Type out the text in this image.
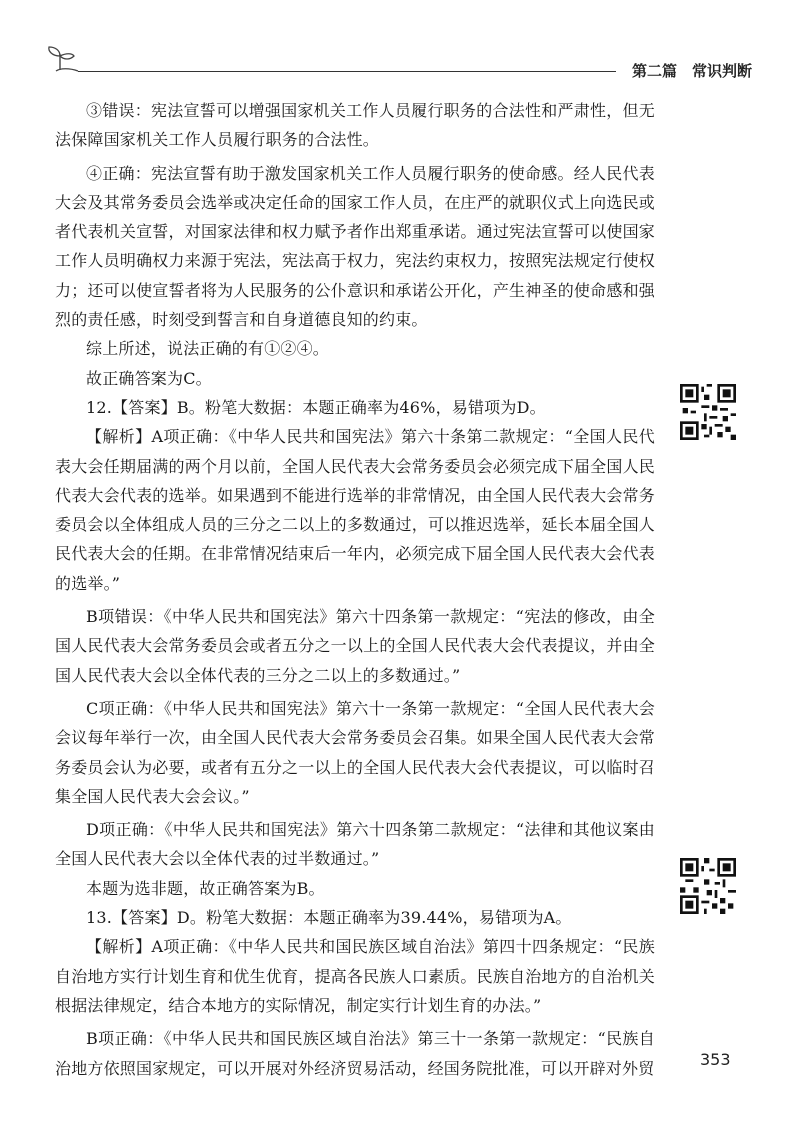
第二篇　常识判断

③错误：宪法宣誓可以增强国家机关工作人员履行职务的合法性和严肃性，但无法保障国家机关工作人员履行职务的合法性。

④正确：宪法宣誓有助于激发国家机关工作人员履行职务的使命感。经人民代表大会及其常务委员会选举或决定任命的国家工作人员，在庄严的就职仪式上向选民或者代表机关宣誓，对国家法律和权力赋予者作出郑重承诺。通过宪法宣誓可以使国家工作人员明确权力来源于宪法，宪法高于权力，宪法约束权力，按照宪法规定行使权力；还可以使宣誓者将为人民服务的公仆意识和承诺公开化，产生神圣的使命感和强烈的责任感，时刻受到誓言和自身道德良知的约束。

综上所述，说法正确的有①②④。

故正确答案为C。

12.【答案】B。粉笔大数据：本题正确率为46%，易错项为D。

【解析】A项正确：《中华人民共和国宪法》第六十条第二款规定：“全国人民代表大会任期届满的两个月以前，全国人民代表大会常务委员会必须完成下届全国人民代表大会代表的选举。如果遇到不能进行选举的非常情况，由全国人民代表大会常务委员会以全体组成人员的三分之二以上的多数通过，可以推迟选举，延长本届全国人民代表大会的任期。在非常情况结束后一年内，必须完成下届全国人民代表大会代表的选举。”

B项错误：《中华人民共和国宪法》第六十四条第一款规定：“宪法的修改，由全国人民代表大会常务委员会或者五分之一以上的全国人民代表大会代表提议，并由全国人民代表大会以全体代表的三分之二以上的多数通过。”

C项正确：《中华人民共和国宪法》第六十一条第一款规定：“全国人民代表大会会议每年举行一次，由全国人民代表大会常务委员会召集。如果全国人民代表大会常务委员会认为必要，或者有五分之一以上的全国人民代表大会代表提议，可以临时召集全国人民代表大会会议。”

D项正确：《中华人民共和国宪法》第六十四条第二款规定：“法律和其他议案由全国人民代表大会以全体代表的过半数通过。”

本题为选非题，故正确答案为B。

13.【答案】D。粉笔大数据：本题正确率为39.44%，易错项为A。

【解析】A项正确：《中华人民共和国民族区域自治法》第四十四条规定：“民族自治地方实行计划生育和优生优育，提高各民族人口素质。民族自治地方的自治机关根据法律规定，结合本地方的实际情况，制定实行计划生育的办法。”

B项正确：《中华人民共和国民族区域自治法》第三十一条第一款规定：“民族自治地方依照国家规定，可以开展对外经济贸易活动，经国务院批准，可以开辟对外贸	353
